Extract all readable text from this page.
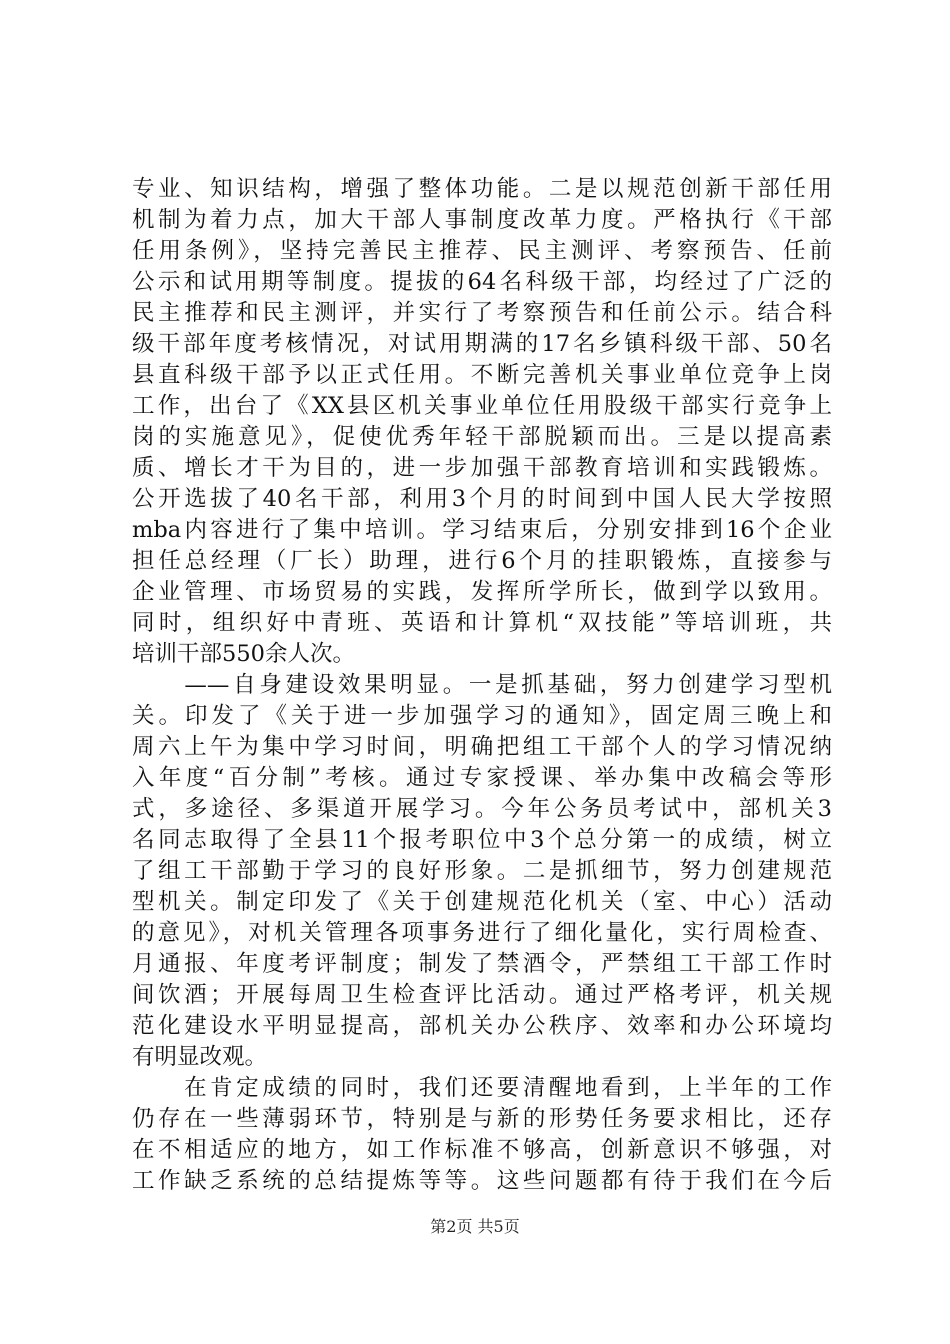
专业、知识结构，增强了整体功能。二是以规范创新干部任用
机制为着力点，加大干部人事制度改革力度。严格执行《干部
任用条例》，坚持完善民主推荐、民主测评、考察预告、任前
公示和试用期等制度。提拔的64名科级干部，均经过了广泛的
民主推荐和民主测评，并实行了考察预告和任前公示。结合科
级干部年度考核情况，对试用期满的17名乡镇科级干部、50名
县直科级干部予以正式任用。不断完善机关事业单位竞争上岗
工作，出台了《XX县区机关事业单位任用股级干部实行竞争上
岗的实施意见》，促使优秀年轻干部脱颖而出。三是以提高素
质、增长才干为目的，进一步加强干部教育培训和实践锻炼。
公开选拔了40名干部，利用3个月的时间到中国人民大学按照
mba内容进行了集中培训。学习结束后，分别安排到16个企业
担任总经理（厂长）助理，进行6个月的挂职锻炼，直接参与
企业管理、市场贸易的实践，发挥所学所长，做到学以致用。
同时，组织好中青班、英语和计算机“双技能”等培训班，共
培训干部550余人次。
　　——自身建设效果明显。一是抓基础，努力创建学习型机
关。印发了《关于进一步加强学习的通知》，固定周三晚上和
周六上午为集中学习时间，明确把组工干部个人的学习情况纳
入年度“百分制”考核。通过专家授课、举办集中改稿会等形
式，多途径、多渠道开展学习。今年公务员考试中，部机关3
名同志取得了全县11个报考职位中3个总分第一的成绩，树立
了组工干部勤于学习的良好形象。二是抓细节，努力创建规范
型机关。制定印发了《关于创建规范化机关（室、中心）活动
的意见》，对机关管理各项事务进行了细化量化，实行周检查、
月通报、年度考评制度；制发了禁酒令，严禁组工干部工作时
间饮酒；开展每周卫生检查评比活动。通过严格考评，机关规
范化建设水平明显提高，部机关办公秩序、效率和办公环境均
有明显改观。
　　在肯定成绩的同时，我们还要清醒地看到，上半年的工作
仍存在一些薄弱环节，特别是与新的形势任务要求相比，还存
在不相适应的地方，如工作标准不够高，创新意识不够强，对
工作缺乏系统的总结提炼等等。这些问题都有待于我们在今后
第2页 共5页
